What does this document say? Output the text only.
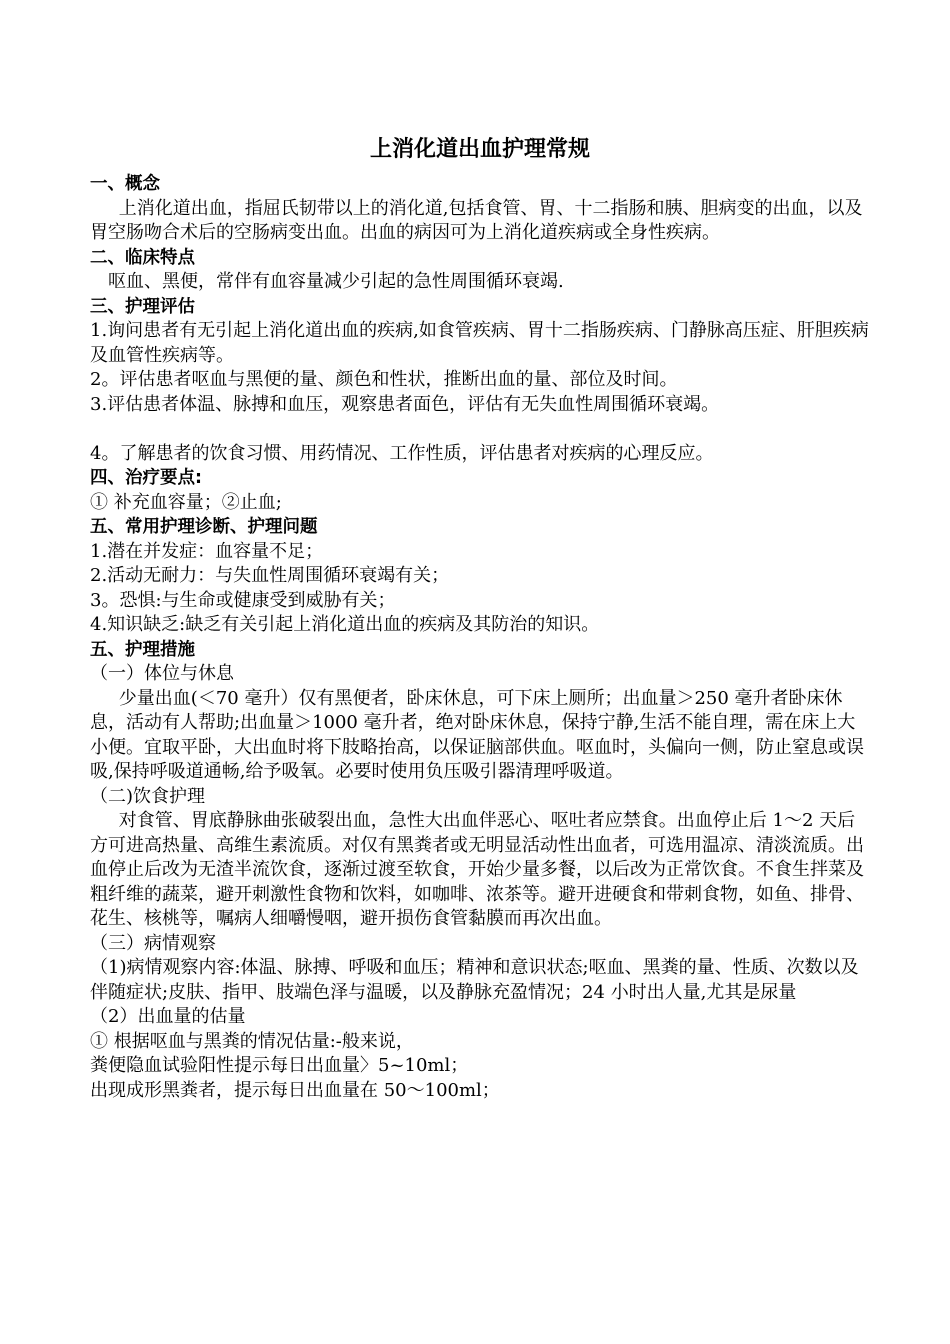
上消化道出血护理常规
一、概念

上消化道出血，指屈氏韧带以上的消化道,包括食管、胃、十二指肠和胰、胆病变的出血，以及胃空肠吻合术后的空肠病变出血。出血的病因可为上消化道疾病或全身性疾病。

二、临床特点

呕血、黑便，常伴有血容量减少引起的急性周围循环衰竭.

三、护理评估

1.询问患者有无引起上消化道出血的疾病,如食管疾病、胃十二指肠疾病、门静脉高压症、肝胆疾病及血管性疾病等。

2。评估患者呕血与黑便的量、颜色和性状，推断出血的量、部位及时间。

3.评估患者体温、脉搏和血压，观察患者面色，评估有无失血性周围循环衰竭。

4。了解患者的饮食习惯、用药情况、工作性质，评估患者对疾病的心理反应。

四、治疗要点:

① 补充血容量；②止血;

五、常用护理诊断、护理问题

1.潜在并发症：血容量不足；

2.活动无耐力：与失血性周围循环衰竭有关；

3。恐惧:与生命或健康受到威胁有关；

4.知识缺乏:缺乏有关引起上消化道出血的疾病及其防治的知识。

五、护理措施

（一）体位与休息

少量出血(＜70 毫升）仅有黑便者，卧床休息，可下床上厕所；出血量＞250 毫升者卧床休息，活动有人帮助;出血量＞1000 毫升者，绝对卧床休息，保持宁静,生活不能自理，需在床上大小便。宜取平卧，大出血时将下肢略抬高，以保证脑部供血。呕血时，头偏向一侧，防止窒息或误吸,保持呼吸道通畅,给予吸氧。必要时使用负压吸引器清理呼吸道。

（二)饮食护理

对食管、胃底静脉曲张破裂出血，急性大出血伴恶心、呕吐者应禁食。出血停止后 1～2 天后方可进高热量、高维生素流质。对仅有黑粪者或无明显活动性出血者，可选用温凉、清淡流质。出血停止后改为无渣半流饮食，逐渐过渡至软食，开始少量多餐，以后改为正常饮食。不食生拌菜及粗纤维的蔬菜，避开刺激性食物和饮料，如咖啡、浓茶等。避开进硬食和带刺食物，如鱼、排骨、花生、核桃等，嘱病人细嚼慢咽，避开损伤食管黏膜而再次出血。

（三）病情观察

（1)病情观察内容:体温、脉搏、呼吸和血压；精神和意识状态;呕血、黑粪的量、性质、次数以及伴随症状;皮肤、指甲、肢端色泽与温暖，以及静脉充盈情况；24 小时出人量,尤其是尿量

（2）出血量的估量

① 根据呕血与黑粪的情况估量:-般来说，

粪便隐血试验阳性提示每日出血量〉5~10ml；

出现成形黑粪者，提示每日出血量在 50～100ml；
